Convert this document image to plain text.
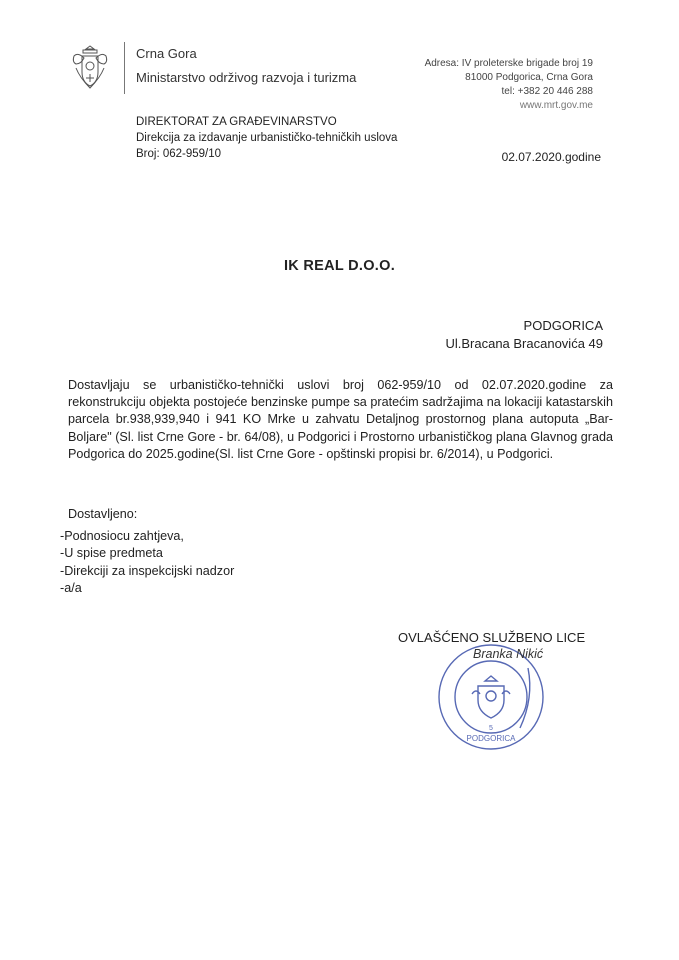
Crna Gora
Ministarstvo održivog razvoja i turizma
Adresa: IV proleterske brigade broj 19
81000 Podgorica, Crna Gora
tel: +382 20 446 288
www.mrt.gov.me
DIREKTORAT ZA GRAĐEVINARSTVO
Direkcija za izdavanje urbanističko-tehničkih uslova
Broj: 062-959/10	02.07.2020.godine
IK REAL D.O.O.
PODGORICA
Ul.Bracana Bracanovića 49
Dostavljaju se urbanističko-tehnički uslovi broj 062-959/10 od 02.07.2020.godine za rekonstrukciju objekta postojeće benzinske pumpe sa pratećim sadržajima na lokaciji katastarskih parcela br.938,939,940 i 941 KO Mrke u zahvatu Detaljnog prostornog plana autoputa „Bar-Boljare" (Sl. list Crne Gore - br. 64/08), u Podgorici i Prostorno urbanističkog plana Glavnog grada Podgorica do 2025.godine(Sl. list Crne Gore - opštinski propisi br. 6/2014), u Podgorici.
Dostavljeno:
-Podnosiocu zahtjeva,
-U spise predmeta
-Direkciji za inspekcijski nadzor
-a/a
PODGORICA
5
OVLAŠĆENO SLUŽBENO LICE
Branka Nikić
